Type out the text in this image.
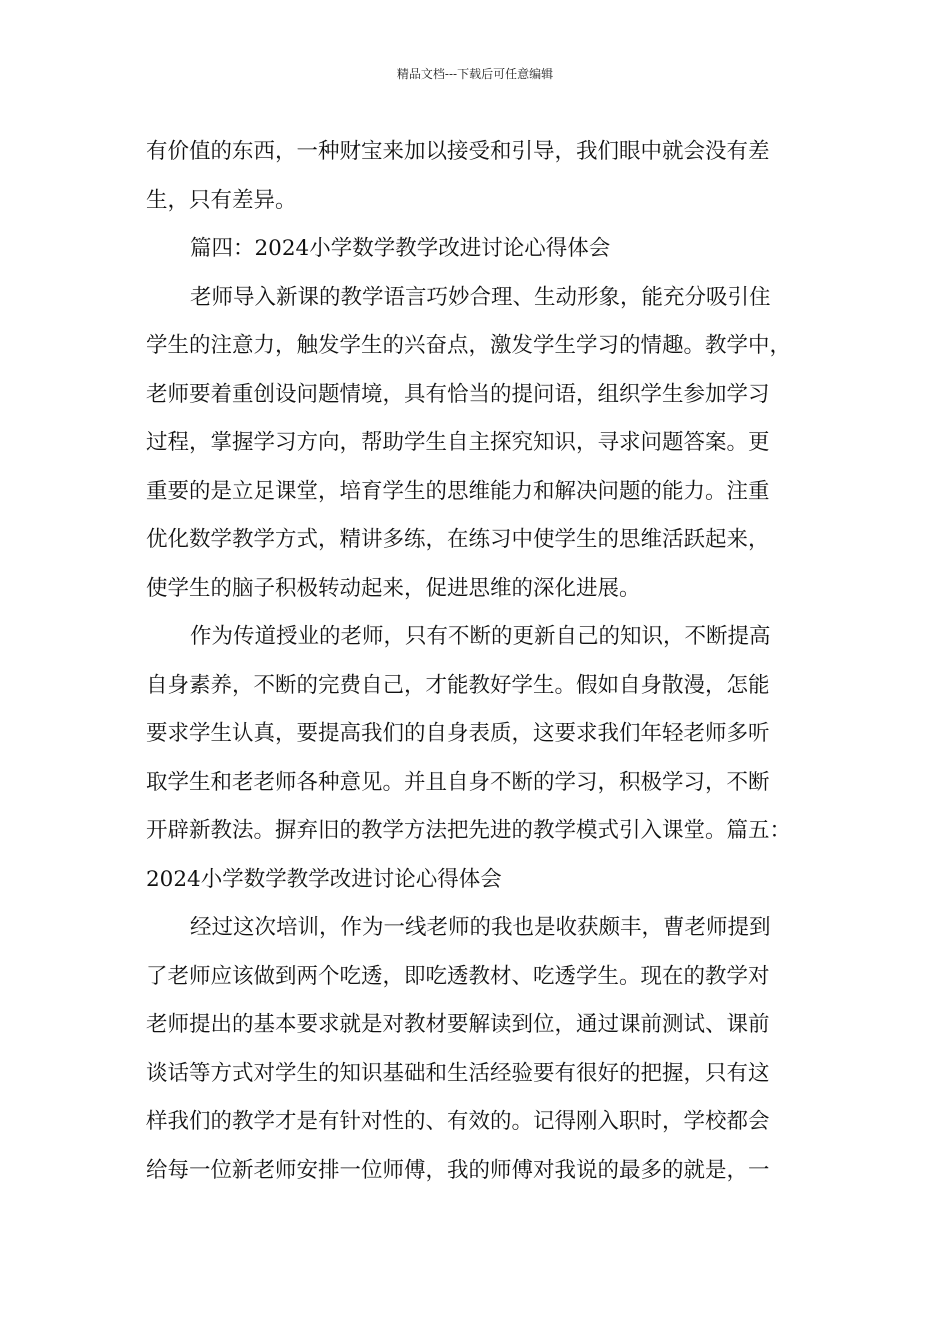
精品文档---下载后可任意编辑
有价值的东西，一种财宝来加以接受和引导，我们眼中就会没有差
生，只有差异。
篇四：2024小学数学教学改进讨论心得体会
老师导入新课的教学语言巧妙合理、生动形象，能充分吸引住
学生的注意力，触发学生的兴奋点，激发学生学习的情趣。教学中，
老师要着重创设问题情境，具有恰当的提问语，组织学生参加学习
过程，掌握学习方向，帮助学生自主探究知识，寻求问题答案。更
重要的是立足课堂，培育学生的思维能力和解决问题的能力。注重
优化数学教学方式，精讲多练，在练习中使学生的思维活跃起来，
使学生的脑子积极转动起来，促进思维的深化进展。
作为传道授业的老师，只有不断的更新自己的知识，不断提高
自身素养，不断的完费自己，才能教好学生。假如自身散漫，怎能
要求学生认真，要提高我们的自身表质，这要求我们年轻老师多听
取学生和老老师各种意见。并且自身不断的学习，积极学习，不断
开辟新教法。摒弃旧的教学方法把先进的教学模式引入课堂。篇五：
2024小学数学教学改进讨论心得体会
经过这次培训，作为一线老师的我也是收获颇丰，曹老师提到
了老师应该做到两个吃透，即吃透教材、吃透学生。现在的教学对
老师提出的基本要求就是对教材要解读到位，通过课前测试、课前
谈话等方式对学生的知识基础和生活经验要有很好的把握，只有这
样我们的教学才是有针对性的、有效的。记得刚入职时，学校都会
给每一位新老师安排一位师傅，我的师傅对我说的最多的就是，一
